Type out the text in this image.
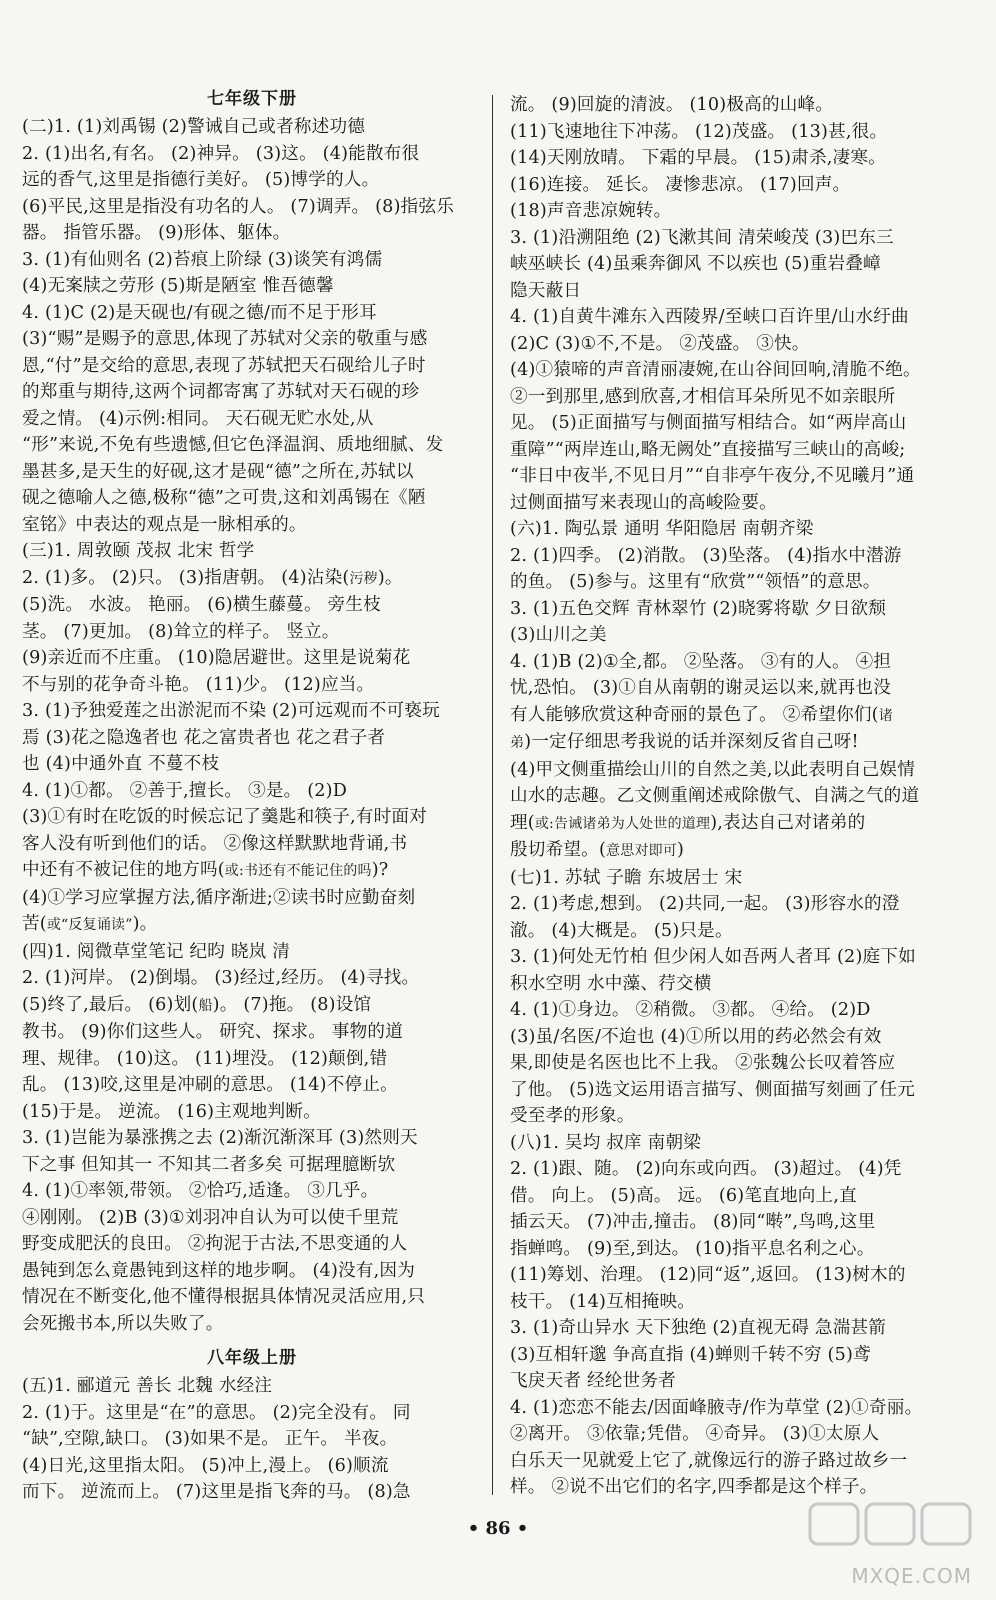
七年级下册
(二)1. (1)刘禹锡 (2)警诫自己或者称述功德
2. (1)出名,有名。 (2)神异。 (3)这。 (4)能散布很
远的香气,这里是指德行美好。 (5)博学的人。
(6)平民,这里是指没有功名的人。 (7)调弄。 (8)指弦乐
器。 指管乐器。 (9)形体、躯体。
3. (1)有仙则名 (2)苔痕上阶绿 (3)谈笑有鸿儒
(4)无案牍之劳形 (5)斯是陋室 惟吾德馨
4. (1)C (2)是天砚也/有砚之德/而不足于形耳
(3)“赐”是赐予的意思,体现了苏轼对父亲的敬重与感
恩,“付”是交给的意思,表现了苏轼把天石砚给儿子时
的郑重与期待,这两个词都寄寓了苏轼对天石砚的珍
爱之情。 (4)示例:相同。 天石砚无贮水处,从
“形”来说,不免有些遗憾,但它色泽温润、质地细腻、发
墨甚多,是天生的好砚,这才是砚“德”之所在,苏轼以
砚之德喻人之德,极称“德”之可贵,这和刘禹锡在《陋
室铭》中表达的观点是一脉相承的。
(三)1. 周敦颐 茂叔 北宋 哲学
2. (1)多。 (2)只。 (3)指唐朝。 (4)沾染(污秽)。
(5)洗。 水波。 艳丽。 (6)横生藤蔓。 旁生枝
茎。 (7)更加。 (8)耸立的样子。 竖立。
(9)亲近而不庄重。 (10)隐居避世。这里是说菊花
不与别的花争奇斗艳。 (11)少。 (12)应当。
3. (1)予独爱莲之出淤泥而不染 (2)可远观而不可亵玩
焉 (3)花之隐逸者也 花之富贵者也 花之君子者
也 (4)中通外直 不蔓不枝
4. (1)①都。 ②善于,擅长。 ③是。 (2)D
(3)①有时在吃饭的时候忘记了羹匙和筷子,有时面对
客人没有听到他们的话。 ②像这样默默地背诵,书
中还有不被记住的地方吗(或:书还有不能记住的吗)?
(4)①学习应掌握方法,循序渐进;②读书时应勤奋刻
苦(或“反复诵读”)。
(四)1. 阅微草堂笔记 纪昀 晓岚 清
2. (1)河岸。 (2)倒塌。 (3)经过,经历。 (4)寻找。
(5)终了,最后。 (6)划(船)。 (7)拖。 (8)设馆
教书。 (9)你们这些人。 研究、探求。 事物的道
理、规律。 (10)这。 (11)埋没。 (12)颠倒,错
乱。 (13)咬,这里是冲刷的意思。 (14)不停止。
(15)于是。 逆流。 (16)主观地判断。
3. (1)岂能为暴涨携之去 (2)渐沉渐深耳 (3)然则天
下之事 但知其一 不知其二者多矣 可据理臆断欤
4. (1)①率领,带领。 ②恰巧,适逢。 ③几乎。
④刚刚。 (2)B (3)①刘羽冲自认为可以使千里荒
野变成肥沃的良田。 ②拘泥于古法,不思变通的人
愚钝到怎么竟愚钝到这样的地步啊。 (4)没有,因为
情况在不断变化,他不懂得根据具体情况灵活应用,只
会死搬书本,所以失败了。
八年级上册
(五)1. 郦道元 善长 北魏 水经注
2. (1)于。这里是“在”的意思。 (2)完全没有。 同
“缺”,空隙,缺口。 (3)如果不是。 正午。 半夜。
(4)日光,这里指太阳。 (5)冲上,漫上。 (6)顺流
而下。 逆流而上。 (7)这里是指飞奔的马。 (8)急
流。 (9)回旋的清波。 (10)极高的山峰。
(11)飞速地往下冲荡。 (12)茂盛。 (13)甚,很。
(14)天刚放晴。 下霜的早晨。 (15)肃杀,凄寒。
(16)连接。 延长。 凄惨悲凉。 (17)回声。
(18)声音悲凉婉转。
3. (1)沿溯阻绝 (2)飞漱其间 清荣峻茂 (3)巴东三
峡巫峡长 (4)虽乘奔御风 不以疾也 (5)重岩叠嶂
隐天蔽日
4. (1)自黄牛滩东入西陵界/至峡口百许里/山水纡曲
(2)C (3)①不,不是。 ②茂盛。 ③快。
(4)①猿啼的声音清丽凄婉,在山谷间回响,清脆不绝。
②一到那里,感到欣喜,才相信耳朵所见不如亲眼所
见。 (5)正面描写与侧面描写相结合。如“两岸高山
重障”“两岸连山,略无阙处”直接描写三峡山的高峻;
“非日中夜半,不见日月”“自非亭午夜分,不见曦月”通
过侧面描写来表现山的高峻险要。
(六)1. 陶弘景 通明 华阳隐居 南朝齐梁
2. (1)四季。 (2)消散。 (3)坠落。 (4)指水中潜游
的鱼。 (5)参与。这里有“欣赏”“领悟”的意思。
3. (1)五色交辉 青林翠竹 (2)晓雾将歇 夕日欲颓
(3)山川之美
4. (1)B (2)①全,都。 ②坠落。 ③有的人。 ④担
忧,恐怕。 (3)①自从南朝的谢灵运以来,就再也没
有人能够欣赏这种奇丽的景色了。 ②希望你们(诸
弟)一定仔细思考我说的话并深刻反省自己呀!
(4)甲文侧重描绘山川的自然之美,以此表明自己娱情
山水的志趣。乙文侧重阐述戒除傲气、自满之气的道
理(或:告诫诸弟为人处世的道理),表达自己对诸弟的
殷切希望。(意思对即可)
(七)1. 苏轼 子瞻 东坡居士 宋
2. (1)考虑,想到。 (2)共同,一起。 (3)形容水的澄
澈。 (4)大概是。 (5)只是。
3. (1)何处无竹柏 但少闲人如吾两人者耳 (2)庭下如
积水空明 水中藻、荇交横
4. (1)①身边。 ②稍微。 ③都。 ④给。 (2)D
(3)虽/名医/不迨也 (4)①所以用的药必然会有效
果,即使是名医也比不上我。 ②张魏公长叹着答应
了他。 (5)选文运用语言描写、侧面描写刻画了任元
受至孝的形象。
(八)1. 吴均 叔庠 南朝梁
2. (1)跟、随。 (2)向东或向西。 (3)超过。 (4)凭
借。 向上。 (5)高。 远。 (6)笔直地向上,直
插云天。 (7)冲击,撞击。 (8)同“啭”,鸟鸣,这里
指蝉鸣。 (9)至,到达。 (10)指平息名利之心。
(11)筹划、治理。 (12)同“返”,返回。 (13)树木的
枝干。 (14)互相掩映。
3. (1)奇山异水 天下独绝 (2)直视无碍 急湍甚箭
(3)互相轩邈 争高直指 (4)蝉则千转不穷 (5)鸢
飞戾天者 经纶世务者
4. (1)恋恋不能去/因面峰腋寺/作为草堂 (2)①奇丽。
②离开。 ③依靠;凭借。 ④奇异。 (3)①太原人
白乐天一见就爱上它了,就像远行的游子路过故乡一
样。 ②说不出它们的名字,四季都是这个样子。
• 86 •
MXQE.COM
